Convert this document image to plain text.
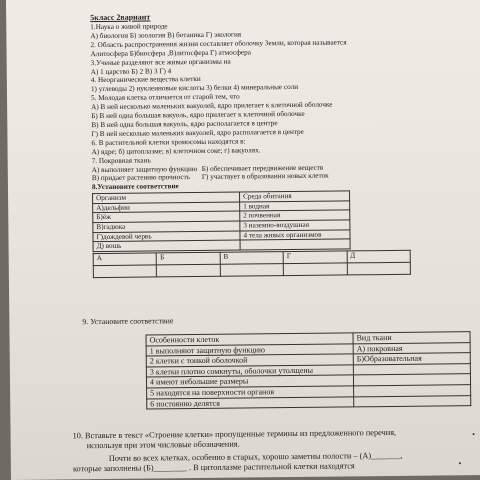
5класс 2вариант
1.Наука о живой природе
А) биология Б) зоология В) ботаника Г) экология
2. Область распространения жизни составляет оболочку Земли, которая называется
Алитосфера Б)биосфера ,В)литосфера Г) атмосфера
3.Ученые разделяют все живые организмы на
А) 1 царство Б) 2 В) 3 Г) 4
4. Неорганические вещества клетки
1) углеводы 2) нуклеиновые кислоты 3) белки 4) минеральные соли
5. Молодая клетка отличается от старой тем, что
А) В ней несколько маленьких вакуолей, ядро прилегает к клеточной оболочке
Б) В ней одна большая вакуоль, ядро прилегает к клеточной оболочке
В) В ней одна большая вакуоль, ядро располагается в центре
Г) В ней несколько маленьких вакуолей, ядро располагается в центре
6. В растительной клетки хромосомы находятся в:
А) ядре; б) цитоплазме; в) клеточном соке; г) вакуолях.
7. Покровная ткань
А) выполняет защитную функцию Б) обеспечивает передвижение веществ
В) придает растению прочность	Г) участвует в образовании новых клеток
8.Установите соответствие
Организм	Среда обитания
А)дельфин	1 водная
Б)ёж	2 почвенная
В)гадюка	3 наземно-воздушная
Г)дождевой червь	4 тела живых организмов
Д) вошь	
А	Б	В	Г	Д

9. Установите соответствие
Особенности клеток	Вид ткани
1 выполняют защитную функцию	А) покровная
2 клетки с тонкой оболочкой	Б)Образовательная
3 клетки плотно сомкнуты, оболочки утолщены	
4 имеют небольшие размеры	
5 находятся на поверхности органов	
6 постоянно делятся	
10. Вставьте в текст «Строение клетки» пропущенные термины из предложенного перечня,
используя при этом числовые обозначения.
Почти во всех клетках, особенно в старых, хорошо заметны полости – (А)_______,
которые заполнены (Б)________ . В цитоплазме растительной клетки находятся
